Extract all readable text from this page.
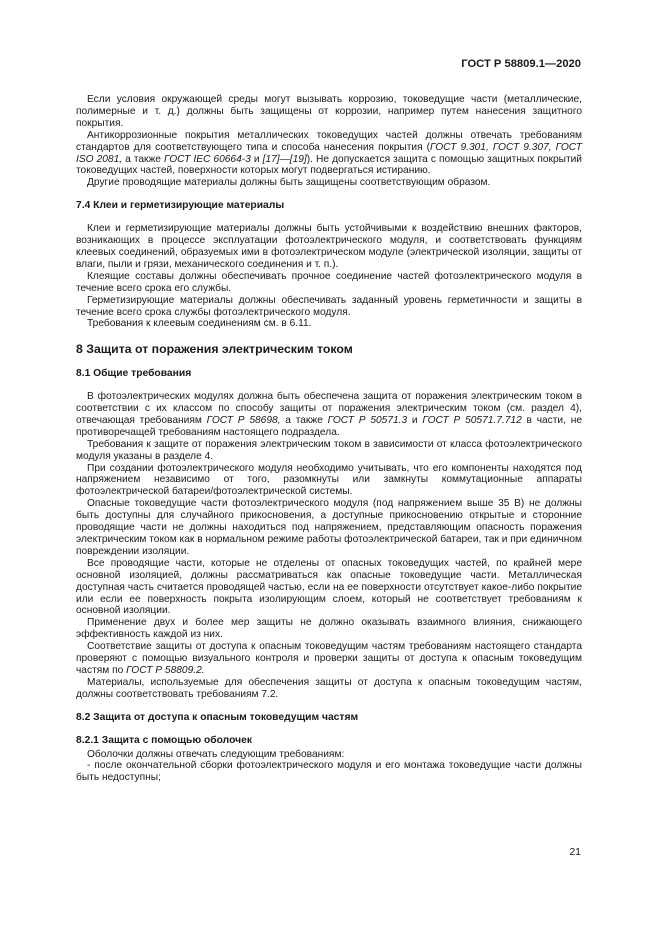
ГОСТ Р 58809.1—2020

Если условия окружающей среды могут вызывать коррозию, токоведущие части (металлические, полимерные и т. д.) должны быть защищены от коррозии, например путем нанесения защитного покрытия.

Антикоррозионные покрытия металлических токоведущих частей должны отвечать требованиям стандартов для соответствующего типа и способа нанесения покрытия (ГОСТ 9.301, ГОСТ 9.307, ГОСТ ISO 2081, а также ГОСТ IEC 60664-3 и [17]—[19]). Не допускается защита с помощью защитных покрытий токоведущих частей, поверхности которых могут подвергаться истиранию.

Другие проводящие материалы должны быть защищены соответствующим образом.

7.4 Клеи и герметизирующие материалы

Клеи и герметизирующие материалы должны быть устойчивыми к воздействию внешних факторов, возникающих в процессе эксплуатации фотоэлектрического модуля, и соответствовать функциям клеевых соединений, образуемых ими в фотоэлектрическом модуле (электрической изоляции, защиты от влаги, пыли и грязи, механического соединения и т. п.).

Клеящие составы должны обеспечивать прочное соединение частей фотоэлектрического модуля в течение всего срока его службы.

Герметизирующие материалы должны обеспечивать заданный уровень герметичности и защиты в течение всего срока службы фотоэлектрического модуля.

Требования к клеевым соединениям см. в 6.11.

8 Защита от поражения электрическим током
8.1 Общие требования

В фотоэлектрических модулях должна быть обеспечена защита от поражения электрическим током в соответствии с их классом по способу защиты от поражения электрическим током (см. раздел 4), отвечающая требованиям ГОСТ Р 58698, а также ГОСТ Р 50571.3 и ГОСТ Р 50571.7.712 в части, не противоречащей требованиям настоящего подраздела.

Требования к защите от поражения электрическим током в зависимости от класса фотоэлектрического модуля указаны в разделе 4.

При создании фотоэлектрического модуля необходимо учитывать, что его компоненты находятся под напряжением независимо от того, разомкнуты или замкнуты коммутационные аппараты фотоэлектрической батареи/фотоэлектрической системы.

Опасные токоведущие части фотоэлектрического модуля (под напряжением выше 35 В) не должны быть доступны для случайного прикосновения, а доступные прикосновению открытые и сторонние проводящие части не должны находиться под напряжением, представляющим опасность поражения электрическим током как в нормальном режиме работы фотоэлектрической батареи, так и при единичном повреждении изоляции.

Все проводящие части, которые не отделены от опасных токоведущих частей, по крайней мере основной изоляцией, должны рассматриваться как опасные токоведущие части. Металлическая доступная часть считается проводящей частью, если на ее поверхности отсутствует какое-либо покрытие или если ее поверхность покрыта изолирующим слоем, который не соответствует требованиям к основной изоляции.

Применение двух и более мер защиты не должно оказывать взаимного влияния, снижающего эффективность каждой из них.

Соответствие защиты от доступа к опасным токоведущим частям требованиям настоящего стандарта проверяют с помощью визуального контроля и проверки защиты от доступа к опасным токоведущим частям по ГОСТ Р 58809.2.

Материалы, используемые для обеспечения защиты от доступа к опасным токоведущим частям, должны соответствовать требованиям 7.2.

8.2 Защита от доступа к опасным токоведущим частям
8.2.1 Защита с помощью оболочек

Оболочки должны отвечать следующим требованиям:

- после окончательной сборки фотоэлектрического модуля и его монтажа токоведущие части должны быть недоступны;

21
